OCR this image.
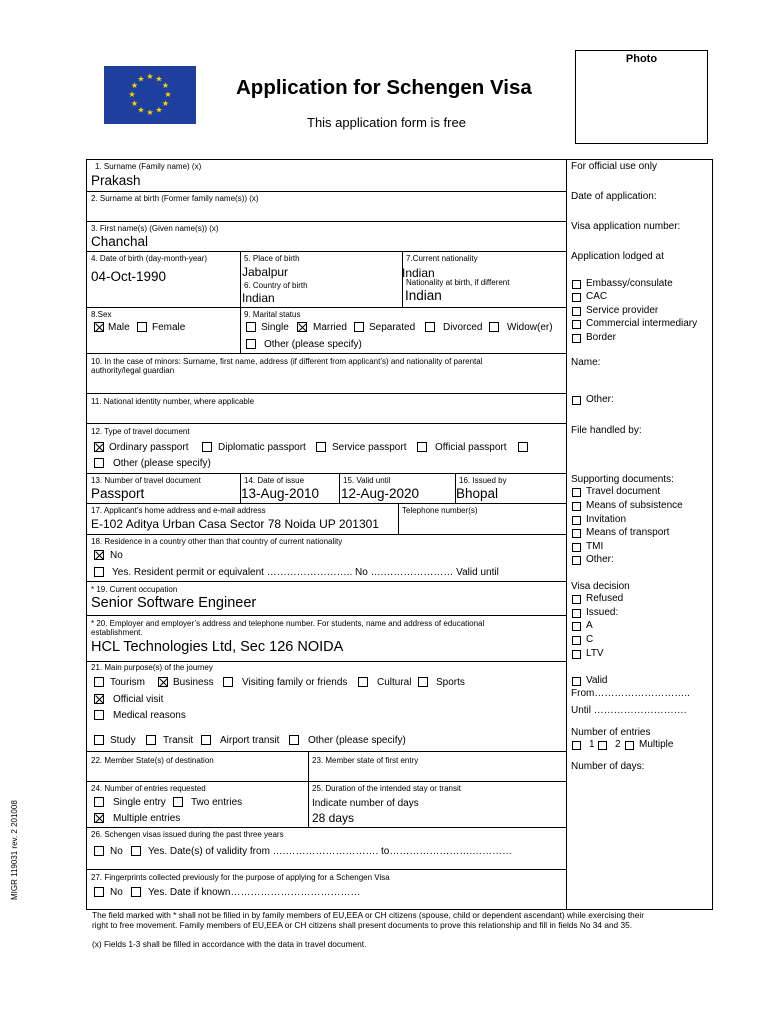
★ ★
★
★
★
★
★
★
★
★
★
★	Application for Schengen Visa
This application form is free
Photo
1. Surname (Family name) (x)
Prakash
2. Surname at birth (Former family name(s)) (x)
3. First name(s) (Given name(s)) (x)
Chanchal
4. Date of birth (day-month-year)
04-Oct-1990
5. Place of birth
Jabalpur
6. Country of birth
Indian
7.Current nationality
Indian
Nationality at birth, if different
Indian
8.Sex
Male Female
9. Marital status
Single Married Separated	Divorced Widow(er)
Other (please specify)
10. In the case of minors: Surname, first name, address (if different from applicant’s) and nationality of parental
authority/legal guardian
11. National identity number, where applicable
12. Type of travel document
Ordinary passport	Diplomatic passport	Service passport	Official passport
Other (please specify)
13. Number of travel document
Passport
14. Date of issue
13-Aug-2010
15. Valid until
12-Aug-2020
16. Issued by
Bhopal
17. Applicant’s home address and e-mail address
E-102 Aditya Urban Casa Sector 78 Noida UP 201301
Telephone number(s)
18. Residence in a country other than that country of current nationality
No
Yes. Resident permit or equivalent …………………….. No ….………………… Valid until
* 19. Current occupation
Senior Software Engineer
* 20. Employer and employer’s address and telephone number. For students, name and address of educational
establishment.
HCL Technologies Ltd, Sec 126 NOIDA
21. Main purpose(s) of the journey
Tourism	Business	Visiting family or friends	Cultural Sports
Official visit
Medical reasons
Study	Transit	Airport transit	Other (please specify)
22. Member State(s) of destination	23. Member state of first entry
24. Number of entries requested
Single entry	Two entries
Multiple entries
25. Duration of the intended stay or transit
Indicate number of days
28 days
26. Schengen visas issued during the past three years
No	Yes. Date(s) of validity from ….………………………. to…………………….…………
27. Fingerprints collected previously for the purpose of applying for a Schengen Visa
No	Yes. Date if known…………………………………
For official use only
Date of application:
Visa application number:
Application lodged at
Embassy/consulate
CAC
Service provider
Commercial intermediary
Border
Name:
Other:
File handled by:
Supporting documents:
Travel document
Means of subsistence
Invitation
Means of transport
TMI
Other:
Visa decision
Refused
Issued:
A
C
LTV
Valid
From………………………..
Until ……………………….
Number of entries
1 2 Multiple
Number of days:
The field marked with * shall not be filled in by family members of EU,EEA or CH citizens (spouse, child or dependent ascendant) while exercising their
right to free movement. Family members of EU,EEA or CH citizens shall present documents to prove this relationship and fill in fields No 34 and 35.
(x) Fields 1-3 shall be filled in accordance with the data in travel document.
MIGR 119031 rev. 2 201008
